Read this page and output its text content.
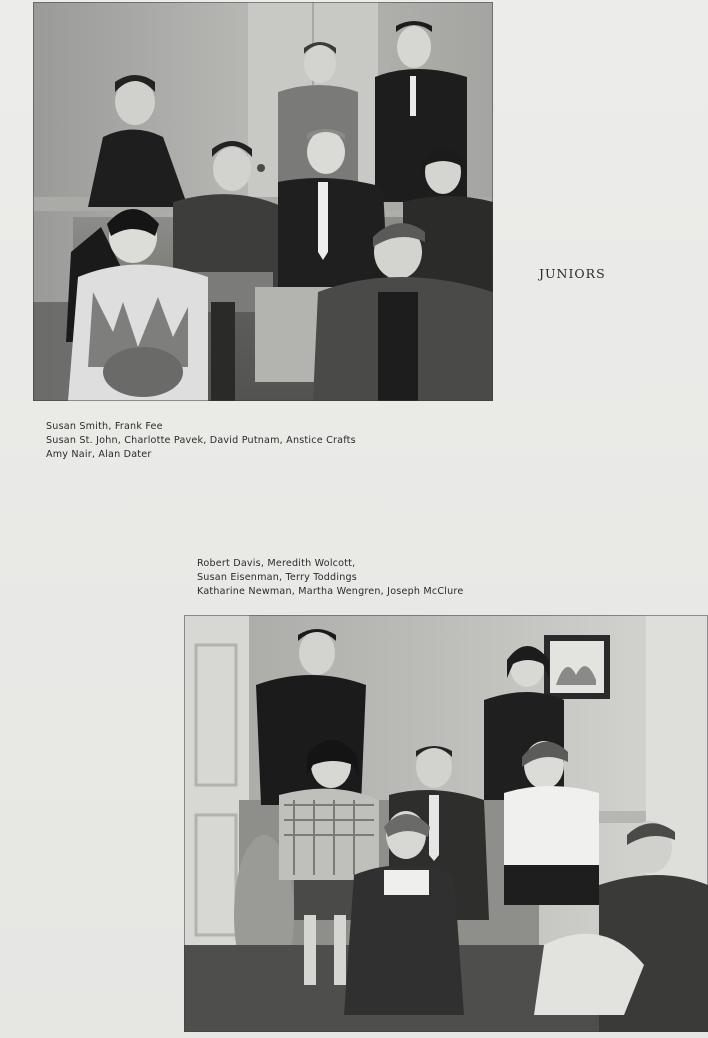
JUNIORS
Susan Smith, Frank Fee
Susan St. John, Charlotte Pavek, David Putnam, Anstice Crafts
Amy Nair, Alan Dater
Robert Davis, Meredith Wolcott,
Susan Eisenman, Terry Toddings
Katharine Newman, Martha Wengren, Joseph McClure
